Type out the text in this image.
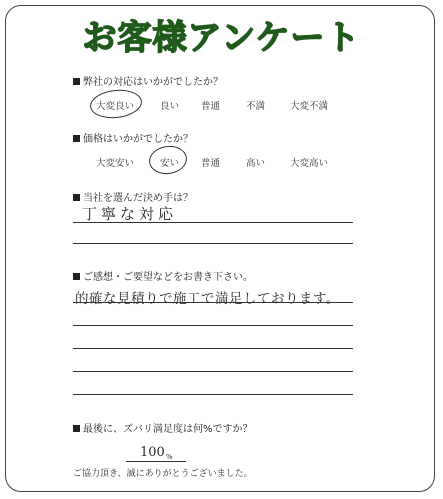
お客様アンケート
弊社の対応はいかがでしたか？
大変良い	良い 普通	不満	大変不満
価格はいかがでしたか？
大変安い	安い 普通	高い	大変高い
当社を選んだ決め手は？
丁寧な対応
ご感想・ご要望などをお書き下さい。
的確な見積りで施工で満足しております。
最後に、ズバリ満足度は何%ですか？
100 %
ご協力頂き、誠にありがとうございました。
